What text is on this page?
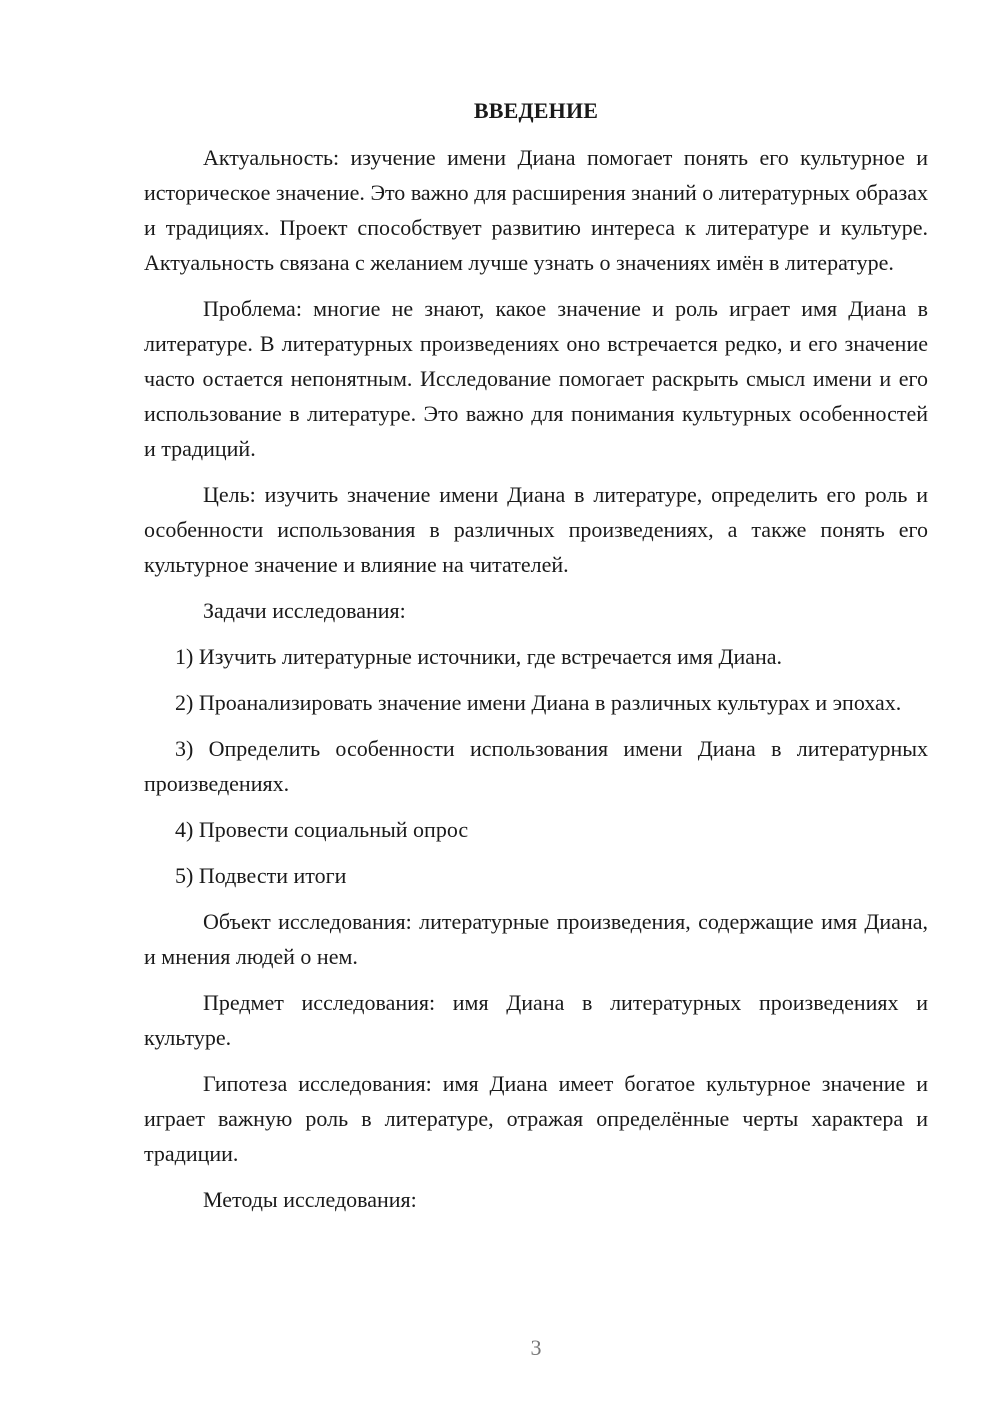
ВВЕДЕНИЕ

Актуальность: изучение имени Диана помогает понять его культурное и историческое значение. Это важно для расширения знаний о литературных образах и традициях. Проект способствует развитию интереса к литературе и культуре. Актуальность связана с желанием лучше узнать о значениях имён в литературе.

Проблема: многие не знают, какое значение и роль играет имя Диана в литературе. В литературных произведениях оно встречается редко, и его значение часто остается непонятным. Исследование помогает раскрыть смысл имени и его использование в литературе. Это важно для понимания культурных особенностей и традиций.

Цель: изучить значение имени Диана в литературе, определить его роль и особенности использования в различных произведениях, а также понять его культурное значение и влияние на читателей.

Задачи исследования:

1) Изучить литературные источники, где встречается имя Диана.

2) Проанализировать значение имени Диана в различных культурах и эпохах.

3) Определить особенности использования имени Диана в литературных произведениях.

4) Провести социальный опрос

5) Подвести итоги

Объект исследования: литературные произведения, содержащие имя Диана, и мнения людей о нем.

Предмет исследования: имя Диана в литературных произведениях и культуре.

Гипотеза исследования: имя Диана имеет богатое культурное значение и играет важную роль в литературе, отражая определённые черты характера и традиции.

Методы исследования:

3
